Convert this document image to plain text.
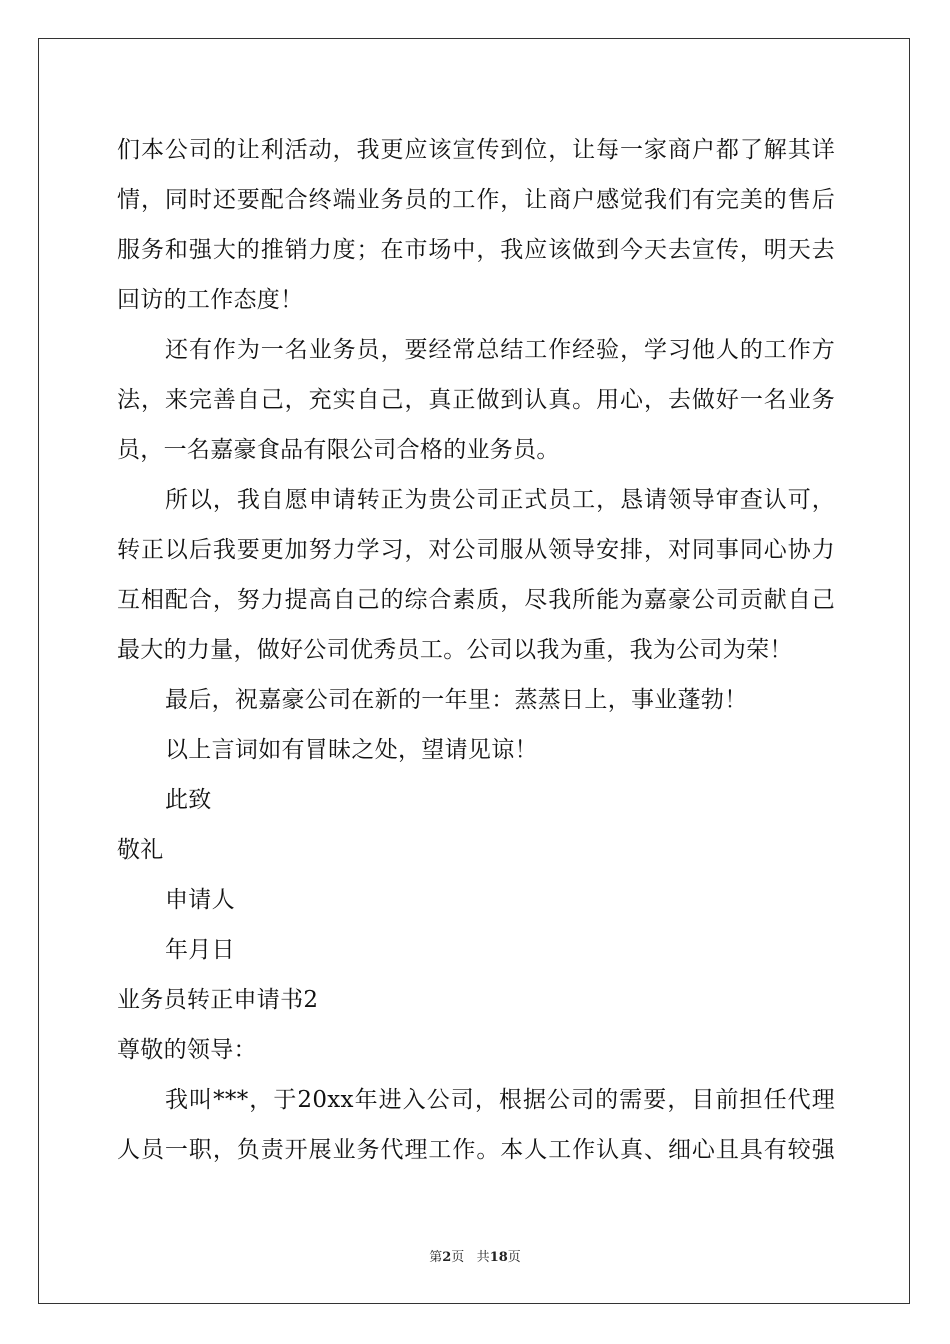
们本公司的让利活动，我更应该宣传到位，让每一家商户都了解其详
情，同时还要配合终端业务员的工作，让商户感觉我们有完美的售后
服务和强大的推销力度；在市场中，我应该做到今天去宣传，明天去
回访的工作态度！
还有作为一名业务员，要经常总结工作经验，学习他人的工作方
法，来完善自己，充实自己，真正做到认真。用心，去做好一名业务
员，一名嘉豪食品有限公司合格的业务员。
所以，我自愿申请转正为贵公司正式员工，恳请领导审查认可，
转正以后我要更加努力学习，对公司服从领导安排，对同事同心协力
互相配合，努力提高自己的综合素质，尽我所能为嘉豪公司贡献自己
最大的力量，做好公司优秀员工。公司以我为重，我为公司为荣！
最后，祝嘉豪公司在新的一年里：蒸蒸日上，事业蓬勃！
以上言词如有冒昧之处，望请见谅！
此致
敬礼
申请人
年月日
业务员转正申请书2
尊敬的领导：
我叫***，于20xx年进入公司，根据公司的需要，目前担任代理
人员一职，负责开展业务代理工作。本人工作认真、细心且具有较强
第2页 共18页
